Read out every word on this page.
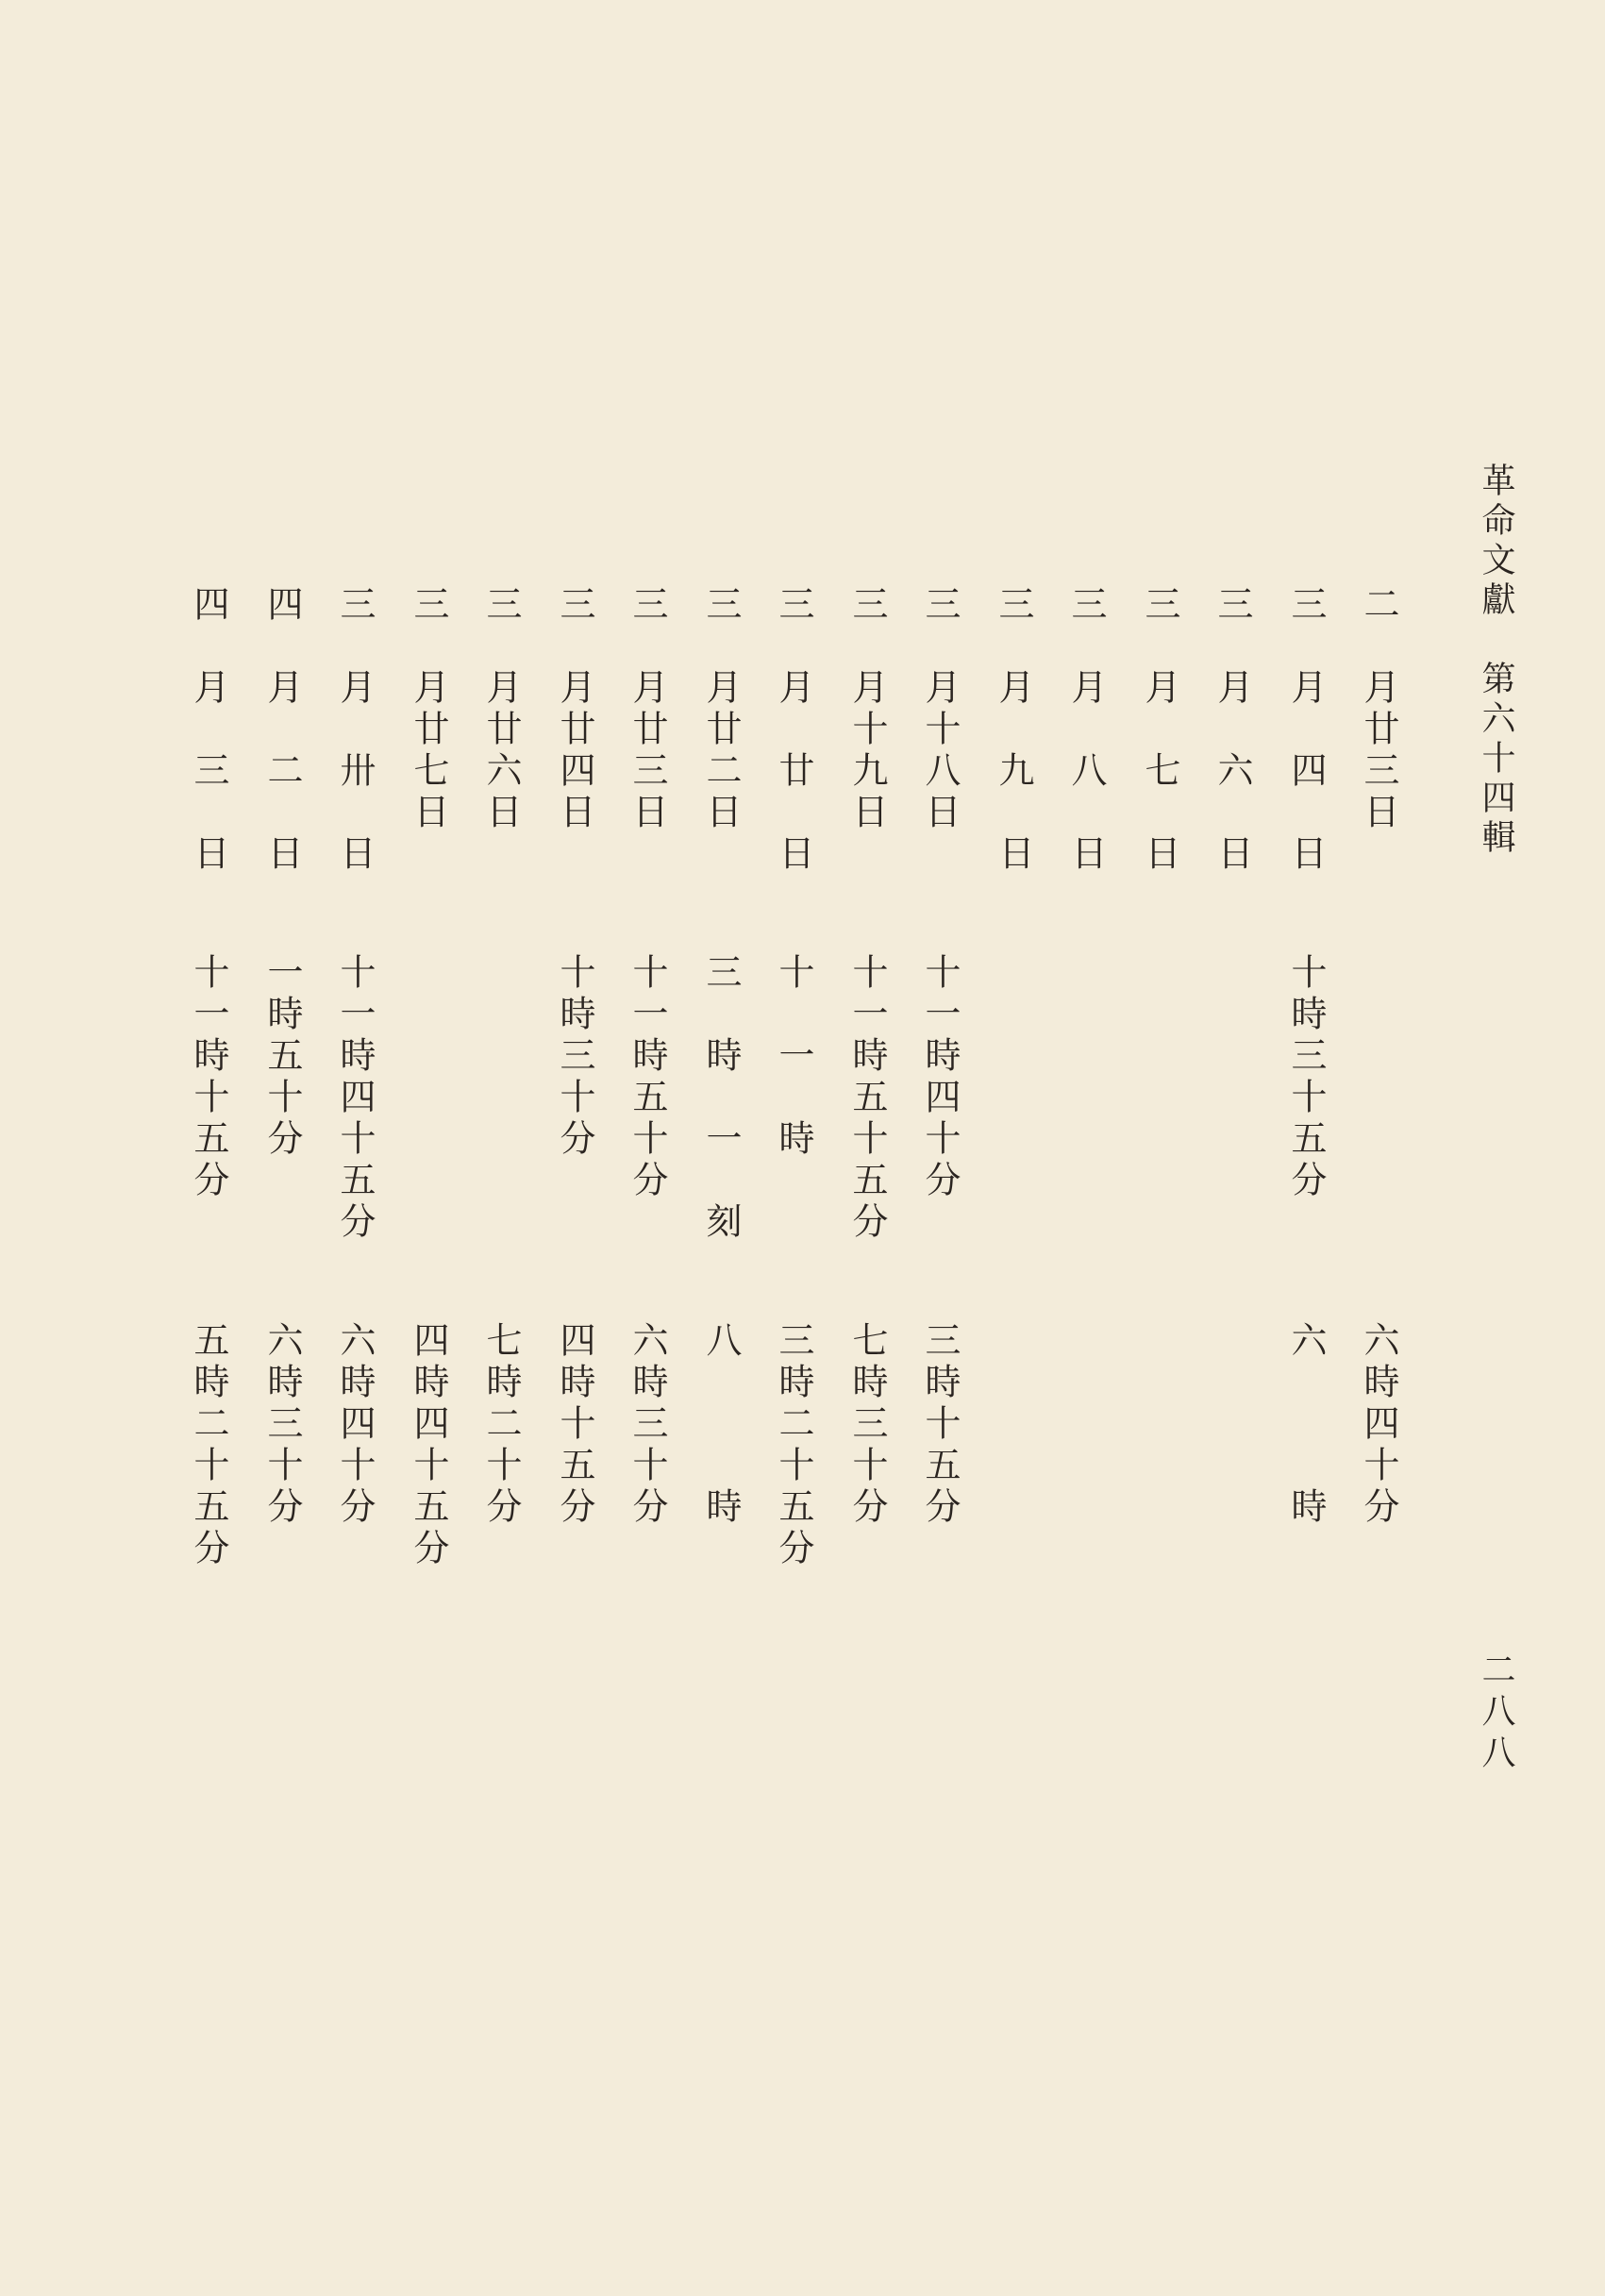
革命文獻　第六十四輯
二八八
二　月廿三日
六時四十分
三　月　四　日
十時三十五分
六　　　時
三　月　六　日
三　月　七　日
三　月　八　日
三　月　九　日
三　月十八日
十一時四十分
三時十五分
三　月十九日
十一時五十五分
七時三十分
三　月　廿　日
十　一　時
三時二十五分
三　月廿二日
三　時　一　刻
八　　　時
三　月廿三日
十一時五十分
六時三十分
三　月廿四日
十時三十分
四時十五分
三　月廿六日
七時二十分
三　月廿七日
四時四十五分
三　月　卅　日
十一時四十五分
六時四十分
四　月　二　日
一時五十分
六時三十分
四　月　三　日
十一時十五分
五時二十五分
